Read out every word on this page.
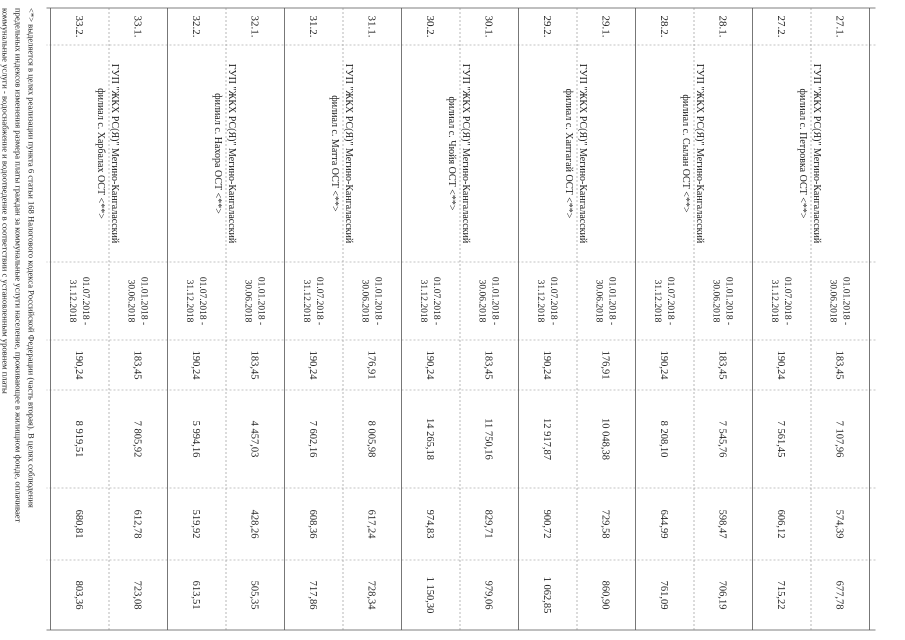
27.1.
01.01.2018 -
30.06.2018
183,45
7 107,96
574,39
677,78
27.2.
01.07.2018 -
31.12.2018
190,24
7 561,45
606,12
715,22
28.1.
01.01.2018 -
30.06.2018
183,45
7 545,76
598,47
706,19
28.2.
01.07.2018 -
31.12.2018
190,24
8 208,10
644,99
761,09
29.1.
01.01.2018 -
30.06.2018
176,91
10 048,38
729,58
860,90
29.2.
01.07.2018 -
31.12.2018
190,24
12 917,87
900,72
1 062,85
30.1.
01.01.2018 -
30.06.2018
183,45
11 750,16
829,71
979,06
30.2.
01.07.2018 -
31.12.2018
190,24
14 265,18
974,83
1 150,30
31.1.
01.01.2018 -
30.06.2018
176,91
8 005,98
617,24
728,34
31.2.
01.07.2018 -
31.12.2018
190,24
7 602,16
608,36
717,86
32.1.
01.01.2018 -
30.06.2018
183,45
4 457,03
428,26
505,35
32.2.
01.07.2018 -
31.12.2018
190,24
5 994,16
519,92
613,51
33.1.
01.01.2018 -
30.06.2018
183,45
7 805,92
612,78
723,08
33.2.
01.07.2018 -
31.12.2018
190,24
8 919,51
680,81
803,36
ГУП "ЖКХ РС(Я)" Мегино-Кангаласский
филиал с. Петровка ОСТ <**>
ГУП "ЖКХ РС(Я)" Мегино-Кангаласский
филиал с. Сылан ОСТ <**>
ГУП "ЖКХ РС(Я)" Мегино-Кангаласский
филиал с. Хаптагай ОСТ <**>
ГУП "ЖКХ РС(Я)" Мегино-Кангаласский
филиал с. Чюйя ОСТ <**>
ГУП "ЖКХ РС(Я)" Мегино-Кангаласский
филиал с. Матта ОСТ <**>
ГУП "ЖКХ РС(Я)" Мегино-Кангаласский
филиал с. Нахора ОСТ <**>
ГУП "ЖКХ РС(Я)" Мегино-Кангаласский
филиал с. Харбалах ОСТ <**>
<*> выделяется в целях реализации пункта 6 статьи 168 Налогового кодекса Российской Федерации (часть вторая). В целях соблюдения
предельных индексов изменения размера платы граждан за коммунальные услуги население, проживающее в жилищном фонде, оплачивает
коммунальные услуги - водоснабжение и водоотведение в соответствии с установленным уровнем платы
